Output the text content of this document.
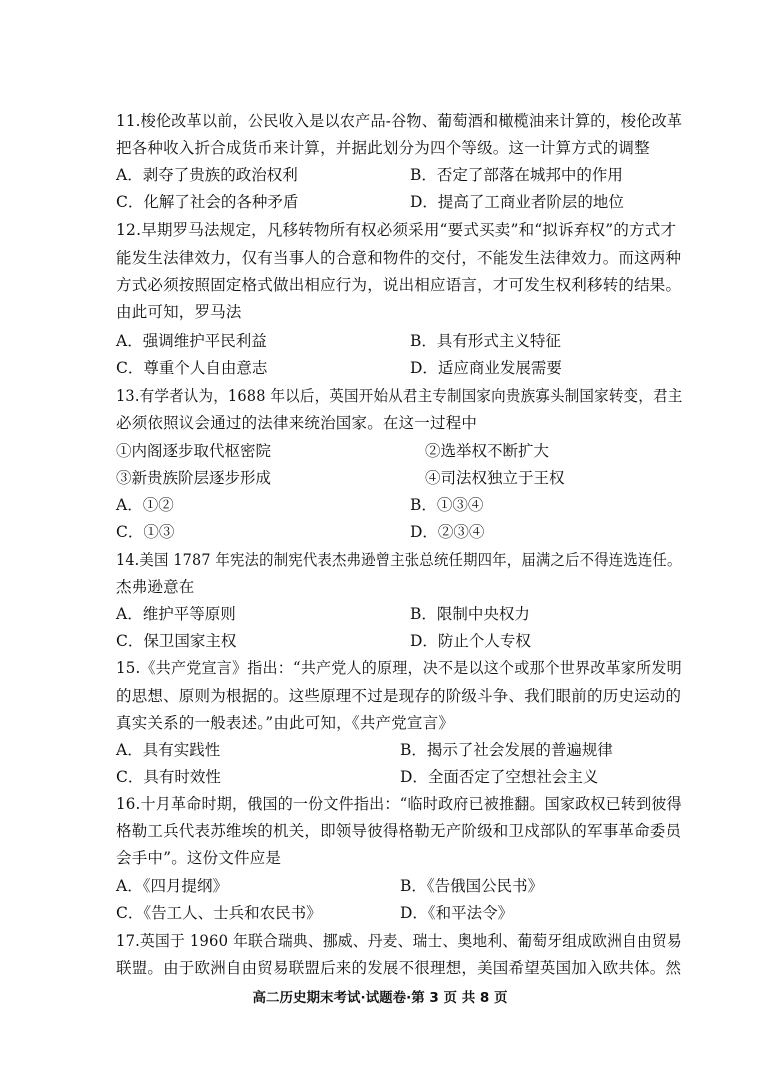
11.梭伦改革以前，公民收入是以农产品-谷物、葡萄酒和橄榄油来计算的，梭伦改革
把各种收入折合成货币来计算，并据此划分为四个等级。这一计算方式的调整
A．剥夺了贵族的政治权利	B．否定了部落在城邦中的作用
C．化解了社会的各种矛盾	D．提高了工商业者阶层的地位
12.早期罗马法规定，凡移转物所有权必须采用“要式买卖”和“拟诉弃权”的方式才
能发生法律效力，仅有当事人的合意和物件的交付，不能发生法律效力。而这两种
方式必须按照固定格式做出相应行为，说出相应语言，才可发生权利移转的结果。
由此可知，罗马法
A．强调维护平民利益	B．具有形式主义特征
C．尊重个人自由意志	D．适应商业发展需要
13.有学者认为，1688 年以后，英国开始从君主专制国家向贵族寡头制国家转变，君主
必须依照议会通过的法律来统治国家。在这一过程中
①内阁逐步取代枢密院	②选举权不断扩大
③新贵族阶层逐步形成	④司法权独立于王权
A．①②	B．①③④
C．①③	D．②③④
14.美国 1787 年宪法的制宪代表杰弗逊曾主张总统任期四年，届满之后不得连选连任。
杰弗逊意在
A．维护平等原则	B．限制中央权力
C．保卫国家主权	D．防止个人专权
15.《共产党宣言》指出：“共产党人的原理，决不是以这个或那个世界改革家所发明
的思想、原则为根据的。这些原理不过是现存的阶级斗争、我们眼前的历史运动的
真实关系的一般表述。”由此可知，《共产党宣言》
A．具有实践性	B．揭示了社会发展的普遍规律
C．具有时效性	D．全面否定了空想社会主义
16.十月革命时期，俄国的一份文件指出：“临时政府已被推翻。国家政权已转到彼得
格勒工兵代表苏维埃的机关，即领导彼得格勒无产阶级和卫戍部队的军事革命委员
会手中”。这份文件应是
A．《四月提纲》	B．《告俄国公民书》
C．《告工人、士兵和农民书》	D．《和平法令》
17.英国于 1960 年联合瑞典、挪威、丹麦、瑞士、奥地利、葡萄牙组成欧洲自由贸易
联盟。由于欧洲自由贸易联盟后来的发展不很理想，美国希望英国加入欧共体。然
高二历史期末考试·试题卷·第 3 页 共 8 页
